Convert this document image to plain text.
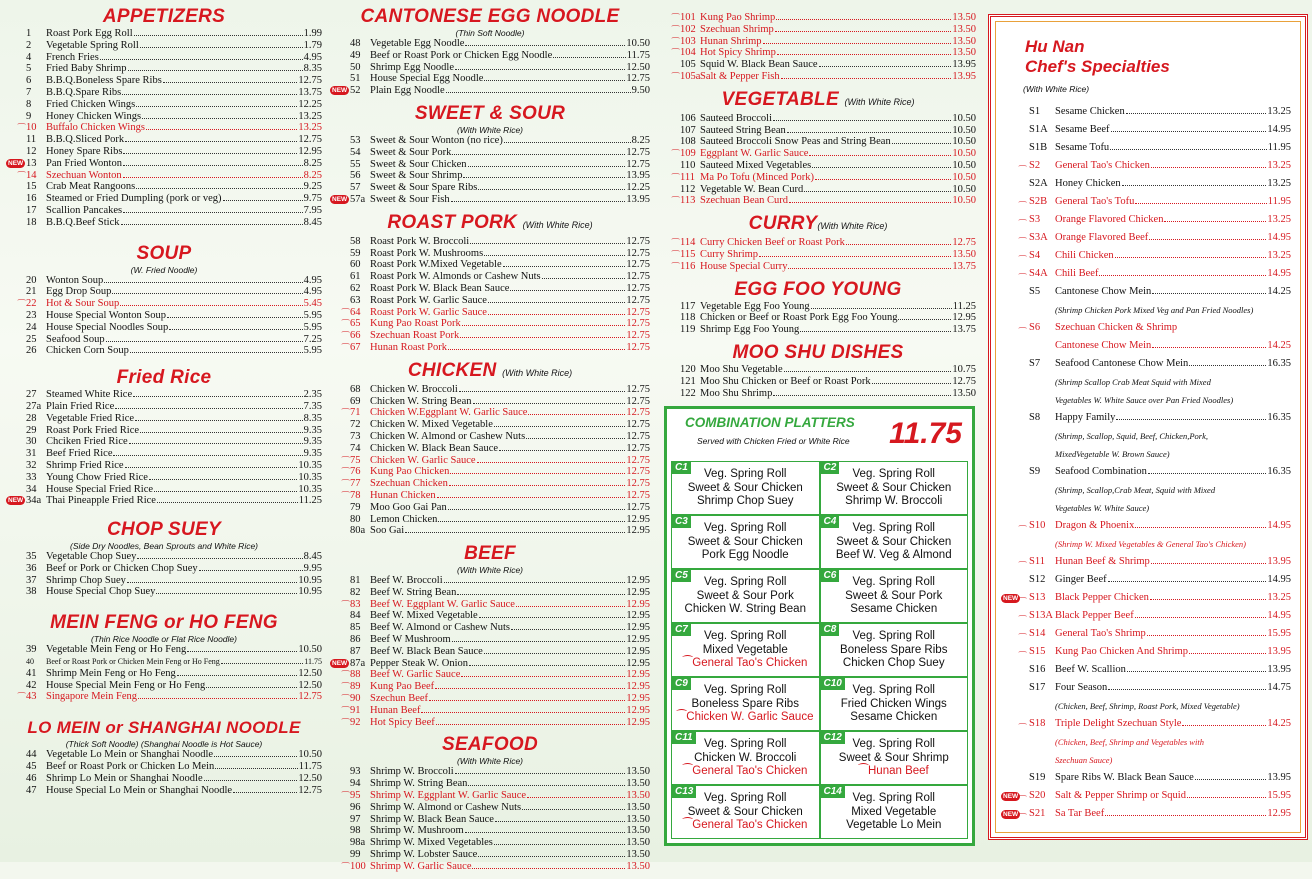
APPETIZERS
1	Roast Pork Egg Roll	1.99
2	Vegetable Spring Roll	1.79
4	French Fries	4.95
5	Fried Baby Shrimp	8.35
6	B.B.Q.Boneless Spare Ribs	12.75
7	B.B.Q.Spare Ribs	13.75
8	Fried Chicken Wings	12.25
9	Honey Chicken Wings	13.25
⁀ 10 Buffalo Chicken Wings	13.25
11 B.B.Q.Sliced Pork	12.75
12 Honey Spare Ribs	12.95
NEW 13 Pan Fried Wonton	8.25
⁀ 14 Szechuan Wonton	8.25
15 Crab Meat Rangoons	9.25
16 Steamed or Fried Dumpling (pork or veg)	9.75
17 Scallion Pancakes	7.95
18 B.B.Q.Beef Stick	8.45
SOUP
(W. Fried Noodle)
20 Wonton Soup	4.95
21 Egg Drop Soup	4.95
⁀ 22 Hot & Sour Soup	5.45
23 House Special Wonton Soup	5.95
24 House Special Noodles Soup	5.95
25 Seafood Soup	7.25
26 Chicken Corn Soup	5.95
Fried Rice
27 Steamed White Rice	2.35
27a Plain Fried Rice	7.35
28 Vegetable Fried Rice	8.35
29 Roast Pork Fried Rice	9.35
30 Chciken Fried Rice	9.35
31 Beef Fried Rice	9.35
32 Shrimp Fried Rice	10.35
33 Young Chow Fried Rice	10.35
34 House Special Fried Rice	10.35
NEW 34a Thai Pineapple Fried Rice	11.25
CHOP SUEY
(Side Dry Noodles, Bean Sprouts and White Rice)
35 Vegetable Chop Suey	8.45
36 Beef or Pork or Chicken Chop Suey	9.95
37 Shrimp Chop Suey	10.95
38 House Special Chop Suey	10.95
MEIN FENG or HO FENG
(Thin Rice Noodle or Flat Rice Noodle)
39 Vegetable Mein Feng or Ho Feng	10.50
40	Beef or Roast Pork or Chicken Mein Feng or Ho Feng	11.75
41 Shrimp Mein Feng or Ho Feng	12.50
42 House Special Mein Feng or Ho Feng	12.50
⁀ 43 Singapore Mein Feng	12.75
LO MEIN or SHANGHAI NOODLE
(Thick Soft Noodle) (Shanghai Noodle is Hot Sauce)
44 Vegetable Lo Mein or Shanghai Noodle	10.50
45 Beef or Roast Pork or Chicken Lo Mein	11.75
46 Shrimp Lo Mein or Shanghai Noodle	12.50
47 House Special Lo Mein or Shanghai Noodle	12.75
CANTONESE EGG NOODLE
(Thin Soft Noodle)
48 Vegetable Egg Noodle	10.50
49 Beef or Roast Pork or Chicken Egg Noodle	11.75
50 Shrimp Egg Noodle	12.50
51 House Special Egg Noodle	12.75
NEW 52 Plain Egg Noodle	9.50
SWEET & SOUR
(With White Rice)
53 Sweet & Sour Wonton (no rice)	8.25
54 Sweet & Sour Pork	12.75
55 Sweet & Sour Chicken	12.75
56 Sweet & Sour Shrimp	13.95
57 Sweet & Sour Spare Ribs	12.25
NEW 57a Sweet & Sour Fish	13.95
ROAST PORK (With White Rice)
58 Roast Pork W. Broccoli	12.75
59 Roast Pork W. Mushrooms	12.75
60 Roast Pork W.Mixed Vegetable	12.75
61 Roast Pork W. Almonds or Cashew Nuts	12.75
62 Roast Pork W. Black Bean Sauce	12.75
63 Roast Pork W. Garlic Sauce	12.75
⁀ 64 Roast Pork W. Garlic Sauce	12.75
⁀ 65 Kung Pao Roast Pork	12.75
⁀ 66 Szechuan Roast Pork	12.75
⁀ 67 Hunan Roast Pork	12.75
CHICKEN (With White Rice)
68 Chicken W. Broccoli	12.75
69 Chicken W. String Bean	12.75
⁀ 71 Chicken W.Eggplant W. Garlic Sauce	12.75
72 Chicken W. Mixed Vegetable	12.75
73 Chicken W. Almond or Cashew Nuts	12.75
74 Chicken W. Black Bean Sauce	12.75
⁀ 75 Chicken W. Garlic Sauce	12.75
⁀ 76 Kung Pao Chicken	12.75
⁀ 77 Szechuan Chicken	12.75
⁀ 78 Hunan Chicken	12.75
79 Moo Goo Gai Pan	12.75
80 Lemon Chicken	12.95
80a Soo Gai	12.95
BEEF
(With White Rice)
81 Beef W. Broccoli	12.95
82 Beef W. String Bean	12.95
⁀ 83 Beef W. Eggplant W. Garlic Sauce	12.95
84 Beef W. Mixed Vegetable	12.95
85 Beef W. Almond or Cashew Nuts	12.95
86 Beef W Mushroom	12.95
87 Beef W. Black Bean Sauce	12.95
NEW 87a Pepper Steak W. Onion	12.95
⁀ 88 Beef W. Garlic Sauce	12.95
⁀ 89 Kung Pao Beef	12.95
⁀ 90 Szechun Beef	12.95
⁀ 91 Hunan Beef	12.95
⁀ 92 Hot Spicy Beef	12.95
SEAFOOD
(With White Rice)
93 Shrimp W. Broccoli	13.50
94 Shrimp W. String Bean	13.50
⁀ 95 Shrimp W. Eggplant W. Garlic Sauce	13.50
96 Shrimp W. Almond or Cashew Nuts	13.50
97 Shrimp W. Black Bean Sauce	13.50
98 Shrimp W. Mushroom	13.50
98a Shrimp W. Mixed Vegetables	13.50
99 Shrimp W. Lobster Sauce	13.50
⁀ 100 Shrimp W. Garlic Sauce	13.50
⁀ 101 Kung Pao Shrimp	13.50
⁀ 102 Szechuan Shrimp	13.50
⁀ 103 Hunan Shrimp	13.50
⁀ 104 Hot Spicy Shrimp	13.50
105 Squid W. Black Bean Sauce	13.95
⁀ 105a Salt & Pepper Fish	13.95
VEGETABLE (With White Rice)
106 Sauteed Broccoli	10.50
107 Sauteed String Bean	10.50
108 Sauteed Broccoli Snow Peas and String Bean	10.50
⁀ 109 Eggplant W. Garlic Sauce	10.50
110 Sauteed Mixed Vegetables	10.50
⁀ 111 Ma Po Tofu (Minced Pork)	10.50
112 Vegetable W. Bean Curd	10.50
⁀ 113 Szechuan Bean Curd	10.50
CURRY(With White Rice)
⁀ 114 Curry Chicken Beef or Roast Pork	12.75
⁀ 115 Curry Shrimp	13.50
⁀ 116 House Special Curry	13.75
EGG FOO YOUNG
117 Vegetable Egg Foo Young	11.25
118 Chicken or Beef or Roast Pork Egg Foo Young	12.95
119 Shrimp Egg Foo Young	13.75
MOO SHU DISHES
120 Moo Shu Vegetable	10.75
121 Moo Shu Chicken or Beef or Roast Pork	12.75
122 Moo Shu Shrimp	13.50
COMBINATION PLATTERS
Served with Chicken Fried or White Rice 11.75
C1
Veg. Spring Roll
Sweet & Sour Chicken
Shrimp Chop Suey
C2
Veg. Spring Roll
Sweet & Sour Chicken
Shrimp W. Broccoli
C3
Veg. Spring Roll
Sweet & Sour Chicken
Pork Egg Noodle
C4
Veg. Spring Roll
Sweet & Sour Chicken
Beef W. Veg & Almond
C5
Veg. Spring Roll
Sweet & Sour Pork
Chicken W. String Bean
C6
Veg. Spring Roll
Sweet & Sour Pork
Sesame Chicken
C7
Veg. Spring Roll
Mixed Vegetable
⁀General Tao's Chicken
C8
Veg. Spring Roll
Boneless Spare Ribs
Chicken Chop Suey
C9
Veg. Spring Roll
Boneless Spare Ribs
⁀Chicken W. Garlic Sauce
C10
Veg. Spring Roll
Fried Chicken Wings
Sesame Chicken
C11
Veg. Spring Roll
Chicken W. Broccoli
⁀General Tao's Chicken
C12
Veg. Spring Roll
Sweet & Sour Shrimp
⁀Hunan Beef
C13
Veg. Spring Roll
Sweet & Sour Chicken
⁀General Tao's Chicken
C14
Veg. Spring Roll
Mixed Vegetable
Vegetable Lo Mein
Hu Nan
Chef's Specialties
(With White Rice)
S1	Sesame Chicken	13.25
S1A Sesame Beef	14.95
S1B Sesame Tofu	11.95
⁀ S2	General Tao's Chicken	13.25
S2A Honey Chicken	13.25
⁀ S2B General Tao's Tofu	11.95
⁀ S3	Orange Flavored Chicken	13.25
⁀ S3A Orange Flavored Beef	14.95
⁀ S4	Chili Chicken	13.25
⁀ S4A Chili Beef	14.95
S5	Cantonese Chow Mein	14.25
(Shrimp Chicken Pork Mixed Veg and Pan Fried Noodles)
⁀ S6 Szechuan Chicken & Shrimp
Cantonese Chow Mein	14.25
S7	Seafood Cantonese Chow Mein	16.35
(Shrimp Scallop Crab Meat Squid with Mixed
Vegetables W. White Sauce over Pan Fried Noodles)
S8	Happy Family	16.35
(Shrimp, Scallop, Squid, Beef, Chicken,Pork,
MixedVegetable W. Brown Sauce)
S9	Seafood Combination	16.35
(Shrimp, Scallop,Crab Meat, Squid with Mixed
Vegetables W. White Sauce)
⁀ S10 Dragon & Phoenix	14.95
(Shrimp W. Mixed Vegetables & General Tao's Chicken)
⁀ S11 Hunan Beef & Shrimp	13.95
S12 Ginger Beef	14.95
NEW ⁀ S13 Black Pepper Chicken	13.25
⁀ S13A Black Pepper Beef	14.95
⁀ S14 General Tao's Shrimp	15.95
⁀ S15 Kung Pao Chicken And Shrimp	13.95
S16 Beef W. Scallion	13.95
S17 Four Season	14.75
(Chicken, Beef, Shrimp, Roast Pork, Mixed Vegetable)
⁀ S18 Triple Delight Szechuan Style	14.25
(Chicken, Beef, Shrimp and Vegetables with
Szechuan Sauce)
S19 Spare Ribs W. Black Bean Sauce	13.95
NEW ⁀ S20 Salt & Pepper Shrimp or Squid	15.95
NEW ⁀ S21 Sa Tar Beef	12.95
